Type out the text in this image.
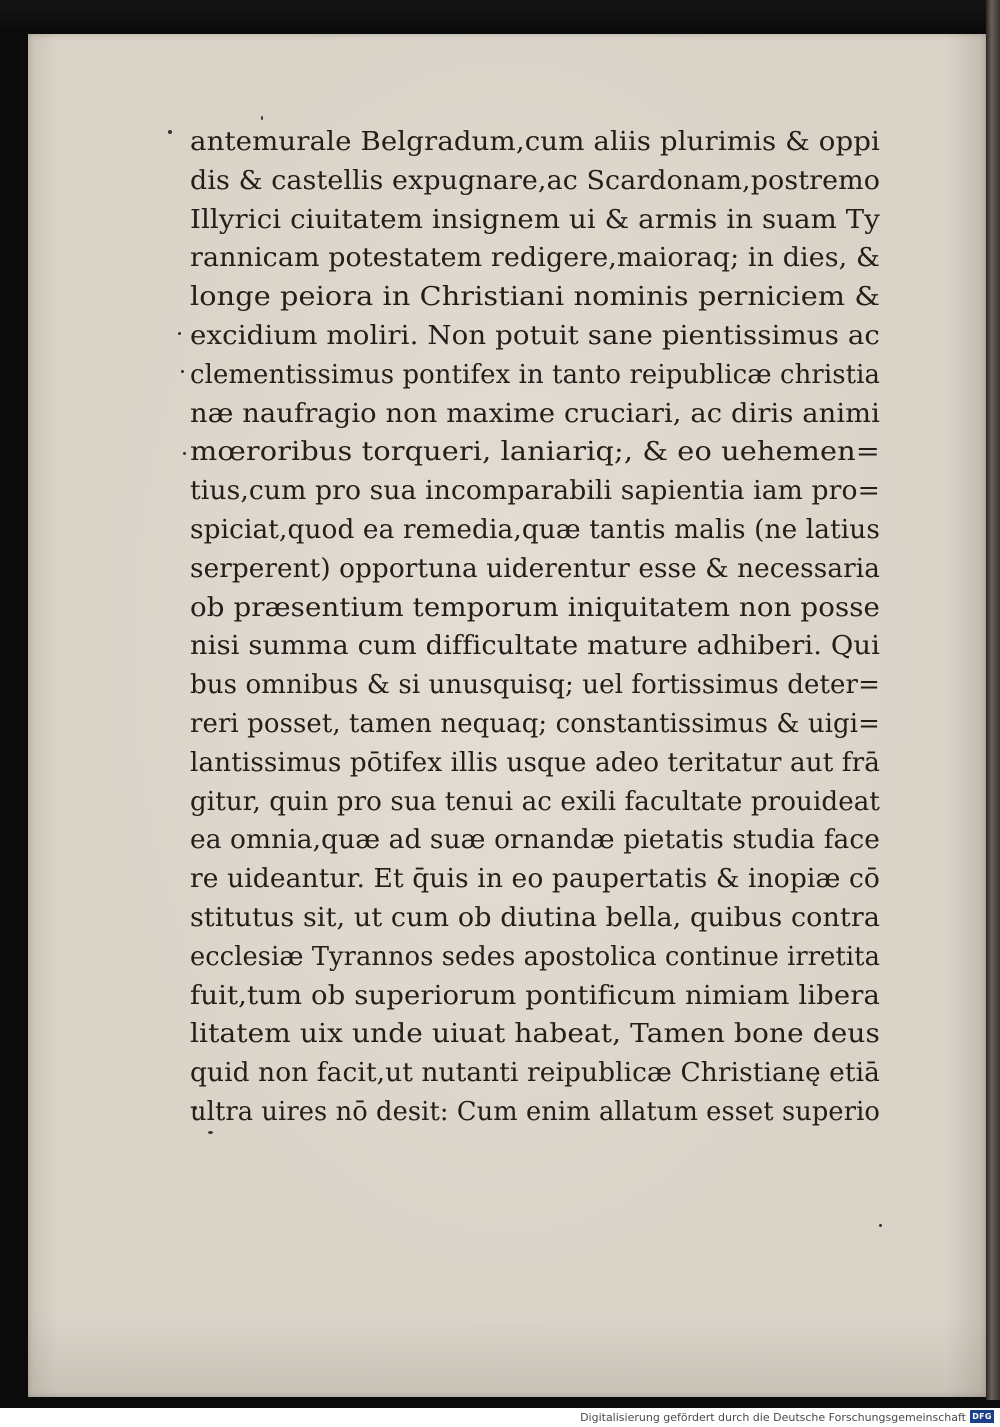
antemurale Belgradum,cum aliis plurimis & oppi
dis & castellis expugnare,ac Scardonam,postremo
Illyrici ciuitatem insignem ui & armis in suam Ty
rannicam potestatem redigere,maioraq; in dies, &
longe peiora in Christiani nominis perniciem &
excidium moliri. Non potuit sane pientissimus ac
clementissimus pontifex in tanto reipublicæ christia
næ naufragio non maxime cruciari, ac diris animi
mœroribus torqueri, laniariq;, & eo uehemen=
tius,cum pro sua incomparabili sapientia iam pro=
spiciat,quod ea remedia,quæ tantis malis (ne latius
serperent) opportuna uiderentur esse & necessaria
ob præsentium temporum iniquitatem non posse
nisi summa cum difficultate mature adhiberi. Qui
bus omnibus & si unusquisq; uel fortissimus deter=
reri posset, tamen nequaq; constantissimus & uigi=
lantissimus pōtifex illis usque adeo teritatur aut frā
gitur, quin pro sua tenui ac exili facultate prouideat
ea omnia,quæ ad suæ ornandæ pietatis studia face
re uideantur. Et q̄uis in eo paupertatis & inopiæ cō
stitutus sit, ut cum ob diutina bella, quibus contra
ecclesiæ Tyrannos sedes apostolica continue irretita
fuit,tum ob superiorum pontificum nimiam libera
litatem uix unde uiuat habeat, Tamen bone deus
quid non facit,ut nutanti reipublicæ Christianę etiā
ultra uires nō desit: Cum enim allatum esset superio
Digitalisierung gefördert durch die Deutsche Forschungsgemeinschaft DFG
